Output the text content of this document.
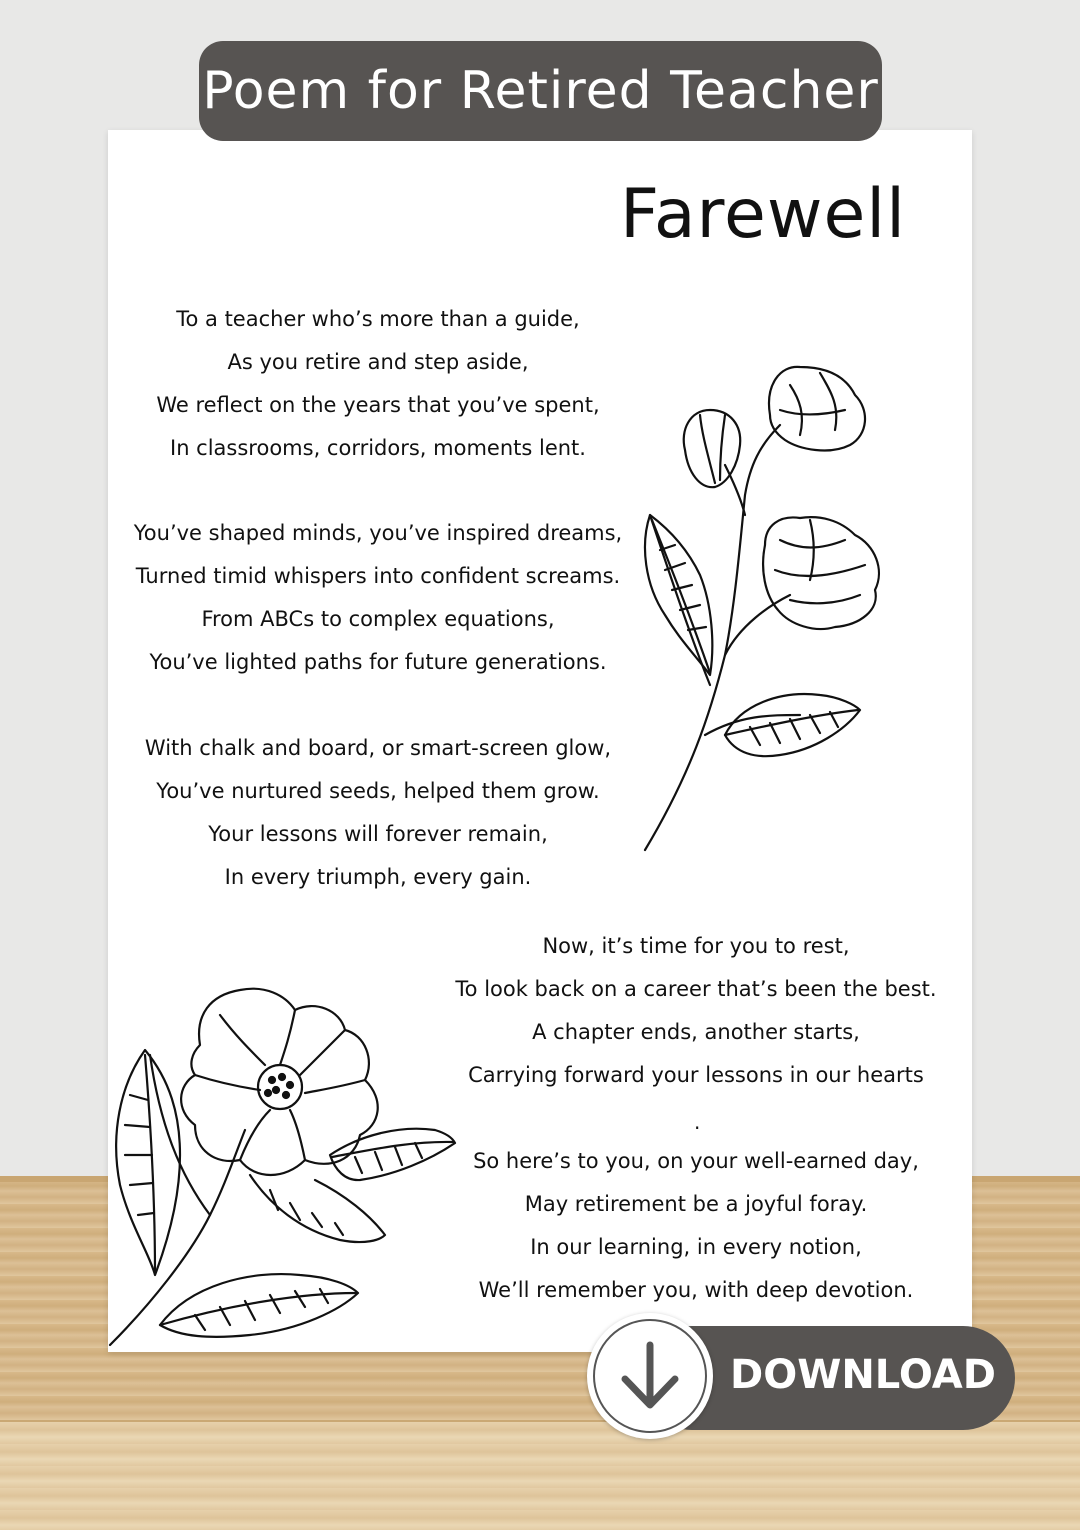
Poem for Retired Teacher
Farewell
To a teacher who’s more than a guide,
As you retire and step aside,
We reflect on the years that you’ve spent,
In classrooms, corridors, moments lent.
You’ve shaped minds, you’ve inspired dreams,
Turned timid whispers into confident screams.
From ABCs to complex equations,
You’ve lighted paths for future generations.
With chalk and board, or smart-screen glow,
You’ve nurtured seeds, helped them grow.
Your lessons will forever remain,
In every triumph, every gain.
Now, it’s time for you to rest,
To look back on a career that’s been the best.
A chapter ends, another starts,
Carrying forward your lessons in our hearts
.
So here’s to you, on your well-earned day,
May retirement be a joyful foray.
In our learning, in every notion,
We’ll remember you, with deep devotion.
DOWNLOAD
